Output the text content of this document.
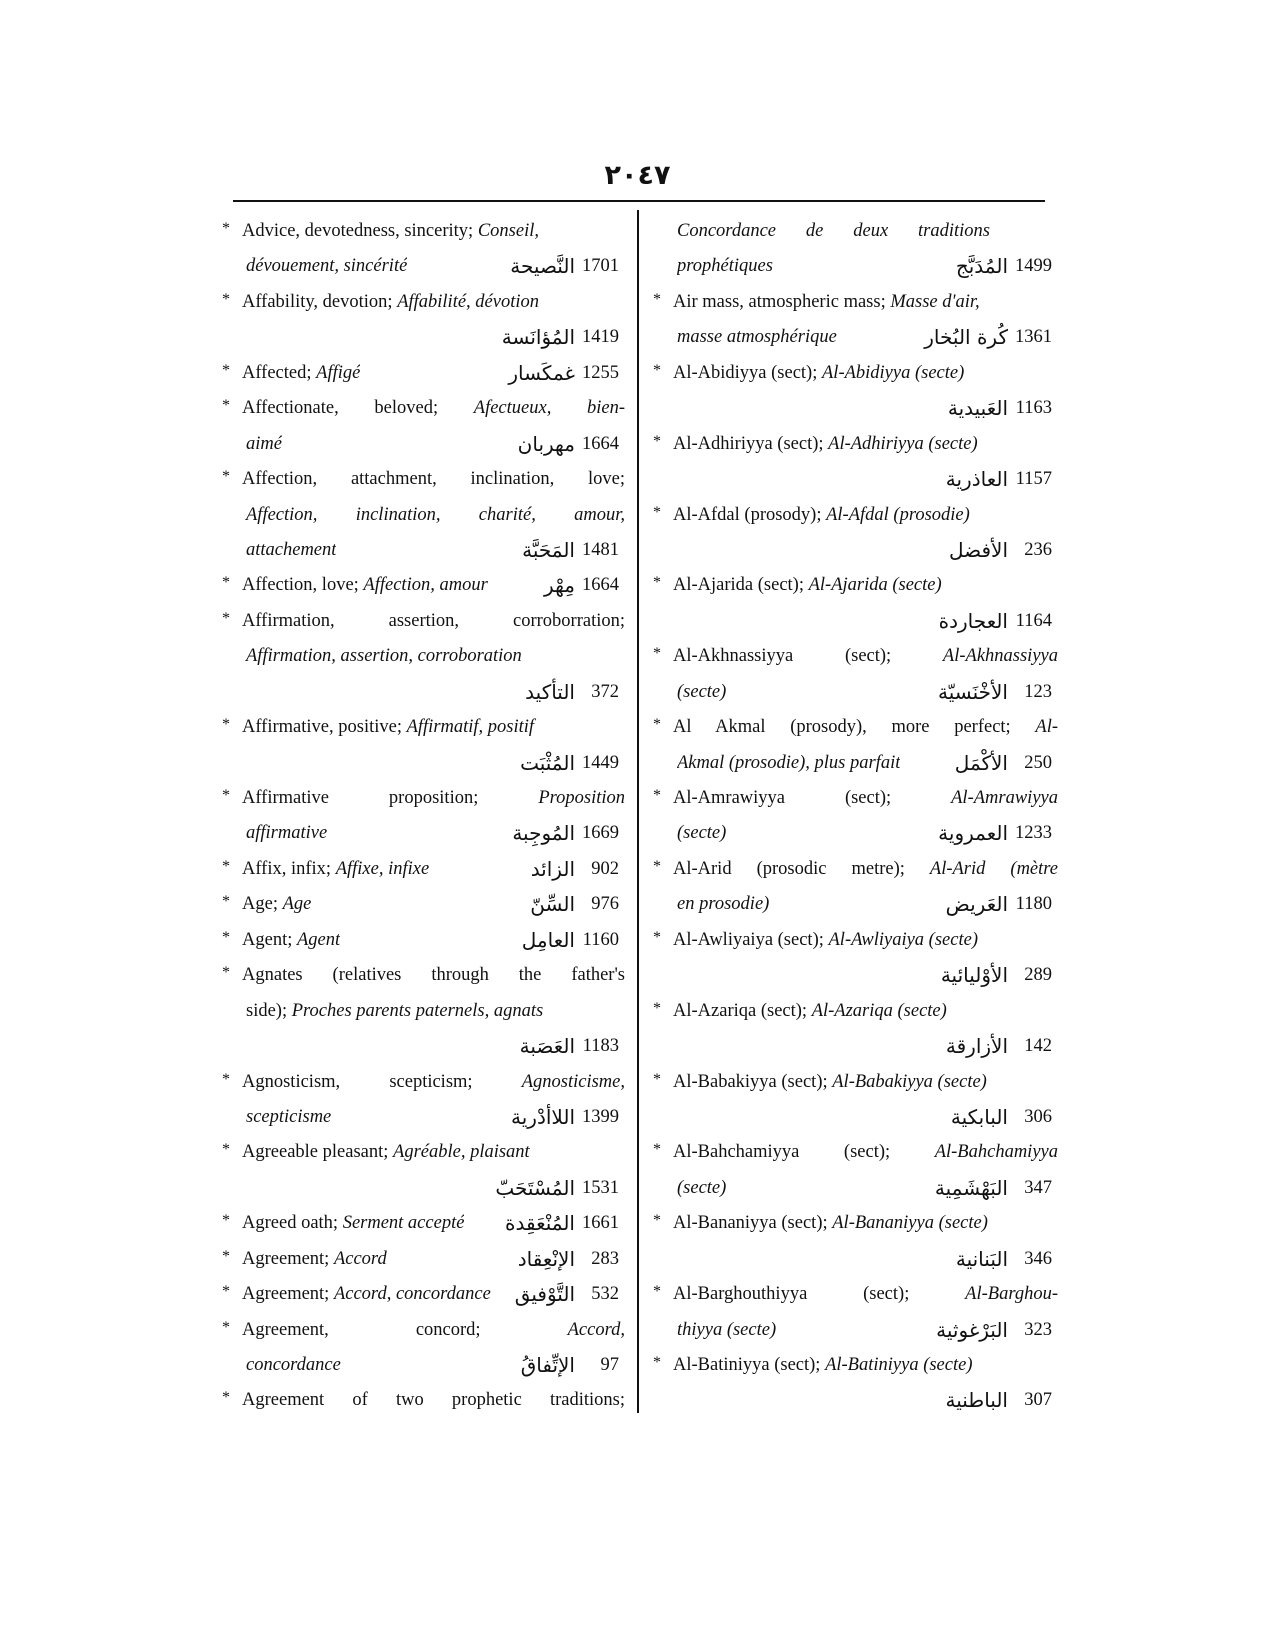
٢٠٤٧
* Advice, devotedness, sincerity; Conseil,
dévouement, sincérité	النَّصيحة 1701
* Affability, devotion; Affabilité, dévotion
المُؤانَسة 1419
* Affected; Affigé	غمكَسار 1255
* Affectionate, beloved; Afectueux, bien-
aimé	مهربان 1664
* Affection, attachment, inclination, love;
Affection, inclination, charité, amour,
attachement	المَحَبَّة 1481
* Affection, love; Affection, amour	مِهْر 1664
* Affirmation, assertion, corroborration;
Affirmation, assertion, corroboration
التأكيد 372
* Affirmative, positive; Affirmatif, positif
المُثْبَت 1449
* Affirmative proposition; Proposition
affirmative	المُوجِبة 1669
* Affix, infix; Affixe, infixe	الزائد 902
* Age; Age	السِّنّ 976
* Agent; Agent	العامِل 1160
* Agnates (relatives through the father's
side); Proches parents paternels, agnats
العَصَبة 1183
* Agnosticism, scepticism; Agnosticisme,
scepticisme	اللاأدْرية 1399
* Agreeable pleasant; Agréable, plaisant
المُسْتَحَبّ 1531
* Agreed oath; Serment accepté المُنْعَقِدة 1661
* Agreement; Accord	الإنْعِقاد 283
* Agreement; Accord, concordance التَّوْفيق 532
* Agreement, concord; Accord,
concordance	الإتِّفاقُ 97
* Agreement of two prophetic traditions;
Concordance de deux traditions
prophétiques	المُدَبَّج 1499
* Air mass, atmospheric mass; Masse d'air,
masse atmosphérique	كُرة البُخار 1361
* Al-Abidiyya (sect); Al-Abidiyya (secte)
العَبيدية 1163
* Al-Adhiriyya (sect); Al-Adhiriyya (secte)
العاذرية 1157
* Al-Afdal (prosody); Al-Afdal (prosodie)
الأفضل 236
* Al-Ajarida (sect); Al-Ajarida (secte)
العجاردة 1164
* Al-Akhnassiyya (sect); Al-Akhnassiyya
(secte)	الأخْنَسيّة 123
* Al Akmal (prosody), more perfect; Al-
Akmal (prosodie), plus parfait	الأكْمَل 250
* Al-Amrawiyya (sect); Al-Amrawiyya
(secte)	العمروية 1233
* Al-Arid (prosodic metre); Al-Arid (mètre
en prosodie)	العَريض 1180
* Al-Awliyaiya (sect); Al-Awliyaiya (secte)
الأوْليائية 289
* Al-Azariqa (sect); Al-Azariqa (secte)
الأزارقة 142
* Al-Babakiyya (sect); Al-Babakiyya (secte)
البابكية 306
* Al-Bahchamiyya (sect); Al-Bahchamiyya
(secte)	البَهْشَمِية 347
* Al-Bananiyya (sect); Al-Bananiyya (secte)
البَنانية 346
* Al-Barghouthiyya (sect); Al-Barghou-
thiyya (secte)	البَرْغوثية 323
* Al-Batiniyya (sect); Al-Batiniyya (secte)
الباطنية 307
